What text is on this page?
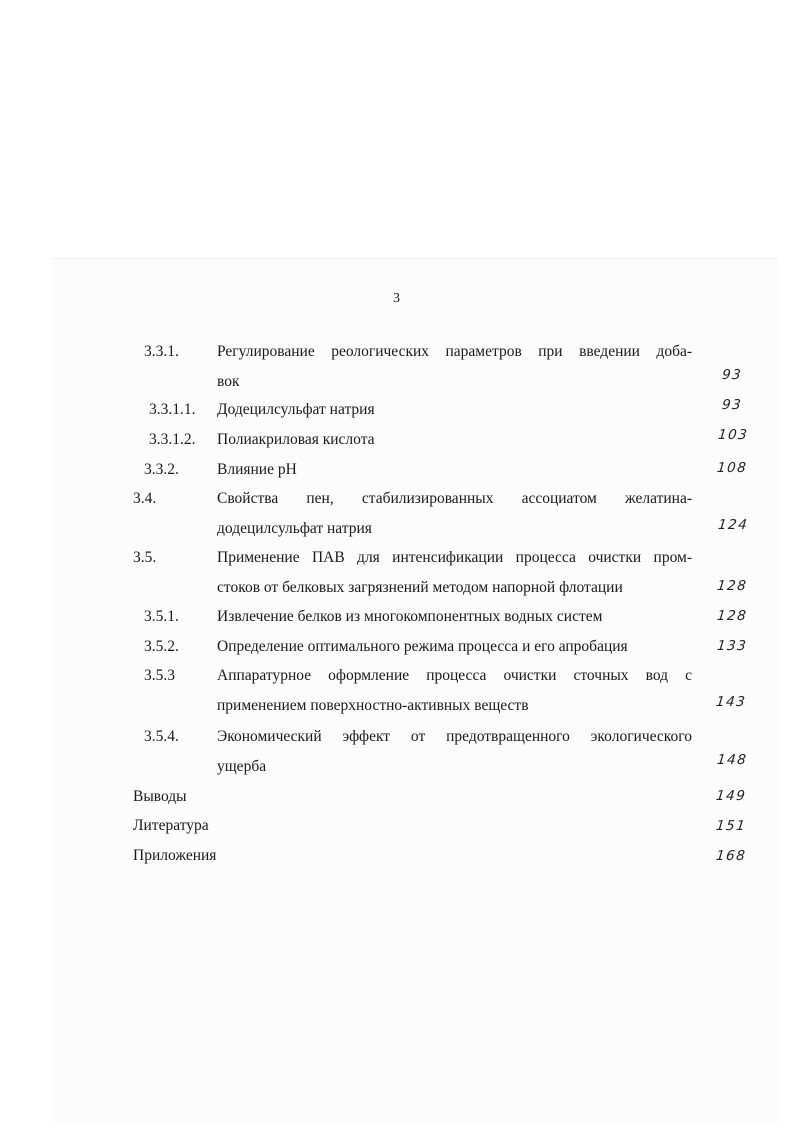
3
3.3.1. Регулирование реологических параметров при введении доба-
вок	93
3.3.1.1. Додецилсульфат натрия	93
3.3.1.2. Полиакриловая кислота	103
3.3.2. Влияние pH	108
3.4.	Свойства пен, стабилизированных ассоциатом желатина-
додецилсульфат натрия	124
3.5.	Применение ПАВ для интенсификации процесса очистки пром-
стоков от белковых загрязнений методом напорной флотации	128
3.5.1. Извлечение белков из многокомпонентных водных систем	128
3.5.2. Определение оптимального режима процесса и его апробация	133
3.5.3	Аппаратурное оформление процесса очистки сточных вод с
применением поверхностно-активных веществ	143
3.5.4. Экономический эффект от предотвращенного экологического
ущерба	148
Выводы	149
Литература	151
Приложения	168
